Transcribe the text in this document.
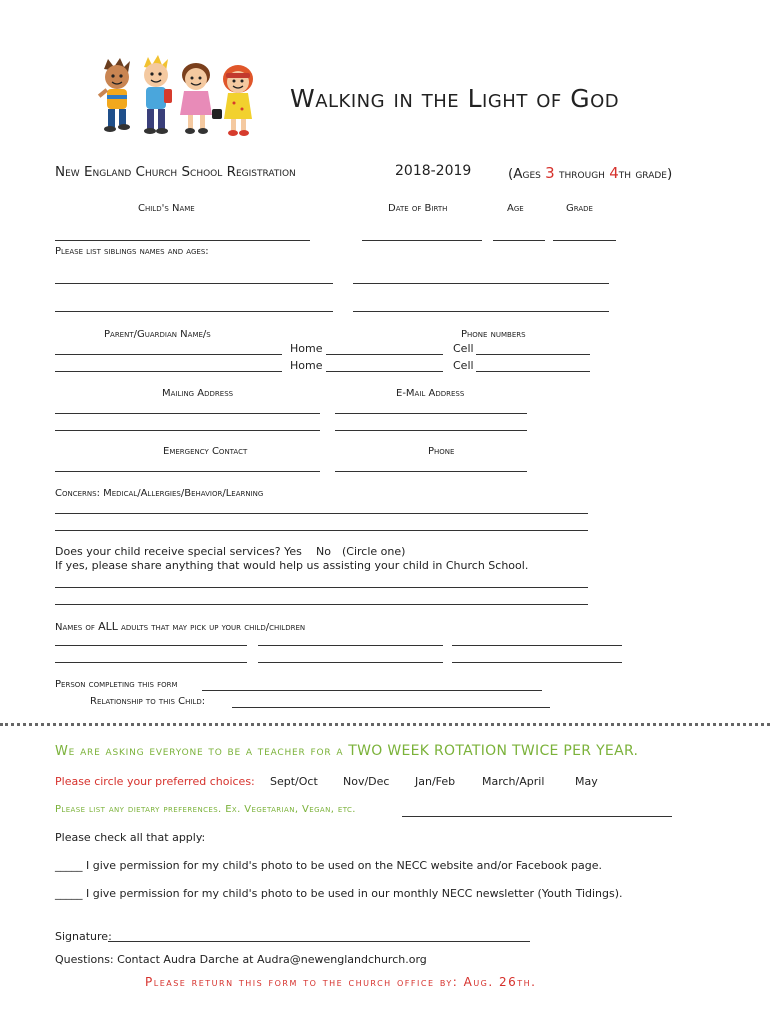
Walking in the Light of God
New England Church School Registration	2018-2019	(Ages 3 through 4th grade)
Child's Name	Date of Birth	Age	Grade
Please list siblings names and ages:
Parent/Guardian Name/s	Phone numbers
Home	Cell
Home	Cell
Mailing Address	E-Mail Address
Emergency Contact	Phone
Concerns: Medical/Allergies/Behavior/Learning
Does your child receive special services? Yes No (Circle one)
If yes, please share anything that would help us assisting your child in Church School.
Names of ALL adults that may pick up your child/children
Person completing this form
Relationship to this Child:
We are asking everyone to be a teacher for a TWO WEEK ROTATION TWICE PER YEAR.
Please circle your preferred choices: Sept/Oct Nov/Dec Jan/Feb March/April	May
Please list any dietary preferences. Ex. Vegetarian, Vegan, etc.
Please check all that apply:
_____ I give permission for my child's photo to be used on the NECC website and/or Facebook page.
_____ I give permission for my child's photo to be used in our monthly NECC newsletter (Youth Tidings).
Signature:
Questions: Contact Audra Darche at Audra@newenglandchurch.org
Please return this form to the church office by: Aug. 26th.
